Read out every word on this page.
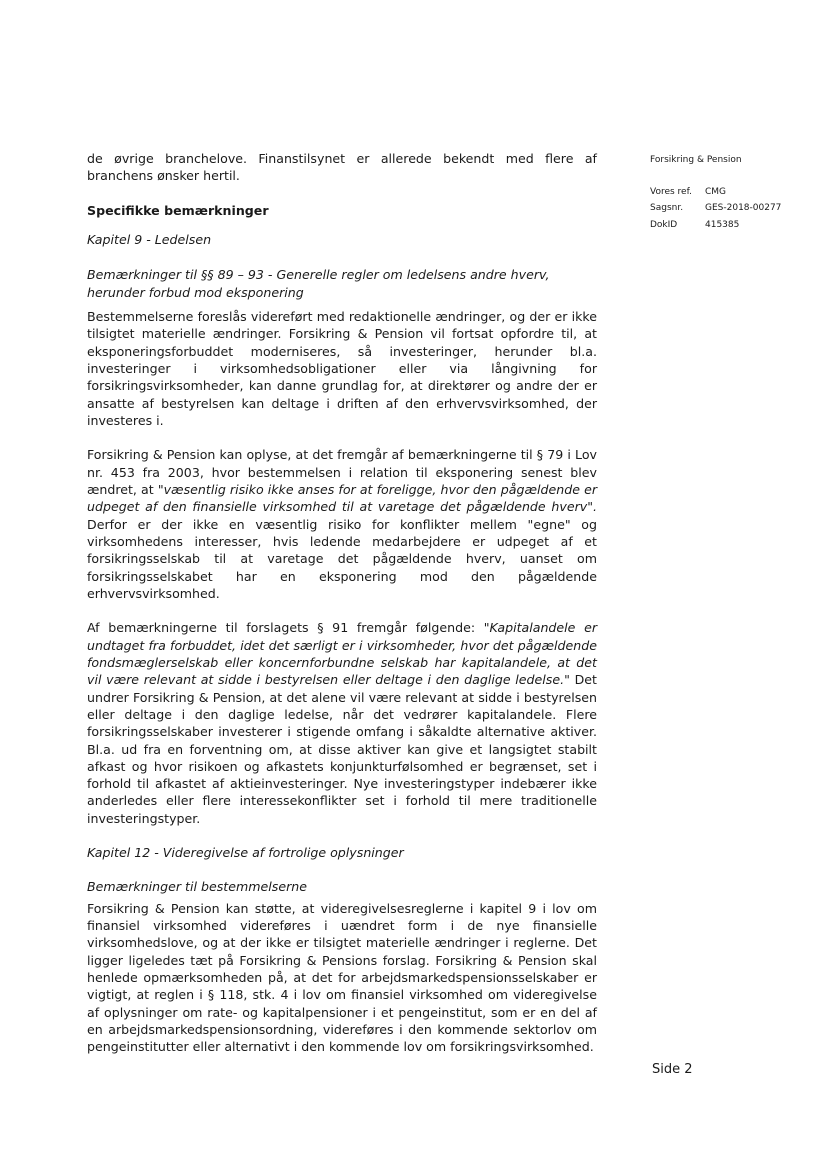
de øvrige branchelove. Finanstilsynet er allerede bekendt med flere af branchens ønsker hertil.

Specifikke bemærkninger

Kapitel 9 - Ledelsen

Bemærkninger til §§ 89 – 93 - Generelle regler om ledelsens andre hverv, herunder forbud mod eksponering

Bestemmelserne foreslås videreført med redaktionelle ændringer, og der er ikke tilsigtet materielle ændringer. Forsikring & Pension vil fortsat opfordre til, at eksponeringsforbuddet moderniseres, så investeringer, herunder bl.a. investeringer i virksomhedsobligationer eller via långivning for forsikringsvirksomheder, kan danne grundlag for, at direktører og andre der er ansatte af bestyrelsen kan deltage i driften af den erhvervsvirksomhed, der investeres i.

Forsikring & Pension kan oplyse, at det fremgår af bemærkningerne til § 79 i Lov nr. 453 fra 2003, hvor bestemmelsen i relation til eksponering senest blev ændret, at "væsentlig risiko ikke anses for at foreligge, hvor den pågældende er udpeget af den finansielle virksomhed til at varetage det pågældende hverv". Derfor er der ikke en væsentlig risiko for konflikter mellem "egne" og virksomhedens interesser, hvis ledende medarbejdere er udpeget af et forsikringsselskab til at varetage det pågældende hverv, uanset om forsikringsselskabet har en eksponering mod den pågældende erhvervsvirksomhed.

Af bemærkningerne til forslagets § 91 fremgår følgende: "Kapitalandele er undtaget fra forbuddet, idet det særligt er i virksomheder, hvor det pågældende fondsmæglerselskab eller koncernforbundne selskab har kapitalandele, at det vil være relevant at sidde i bestyrelsen eller deltage i den daglige ledelse." Det undrer Forsikring & Pension, at det alene vil være relevant at sidde i bestyrelsen eller deltage i den daglige ledelse, når det vedrører kapitalandele. Flere forsikringsselskaber investerer i stigende omfang i såkaldte alternative aktiver. Bl.a. ud fra en forventning om, at disse aktiver kan give et langsigtet stabilt afkast og hvor risikoen og afkastets konjunkturfølsomhed er begrænset, set i forhold til afkastet af aktieinvesteringer. Nye investeringstyper indebærer ikke anderledes eller flere interessekonflikter set i forhold til mere traditionelle investeringstyper.

Kapitel 12 - Videregivelse af fortrolige oplysninger

Bemærkninger til bestemmelserne

Forsikring & Pension kan støtte, at videregivelsesreglerne i kapitel 9 i lov om finansiel virksomhed videreføres i uændret form i de nye finansielle virksomhedslove, og at der ikke er tilsigtet materielle ændringer i reglerne. Det ligger ligeledes tæt på Forsikring & Pensions forslag. Forsikring & Pension skal henlede opmærksomheden på, at det for arbejdsmarkedspensionsselskaber er vigtigt, at reglen i § 118, stk. 4 i lov om finansiel virksomhed om videregivelse af oplysninger om rate- og kapitalpensioner i et pengeinstitut, som er en del af en arbejdsmarkedspensionsordning, videreføres i den kommende sektorlov om pengeinstitutter eller alternativt i den kommende lov om forsikringsvirksomhed.

Forsikring & Pension
Vores ref.	CMG
Sagsnr.	GES-2018-00277
DokID	415385
Side 2
